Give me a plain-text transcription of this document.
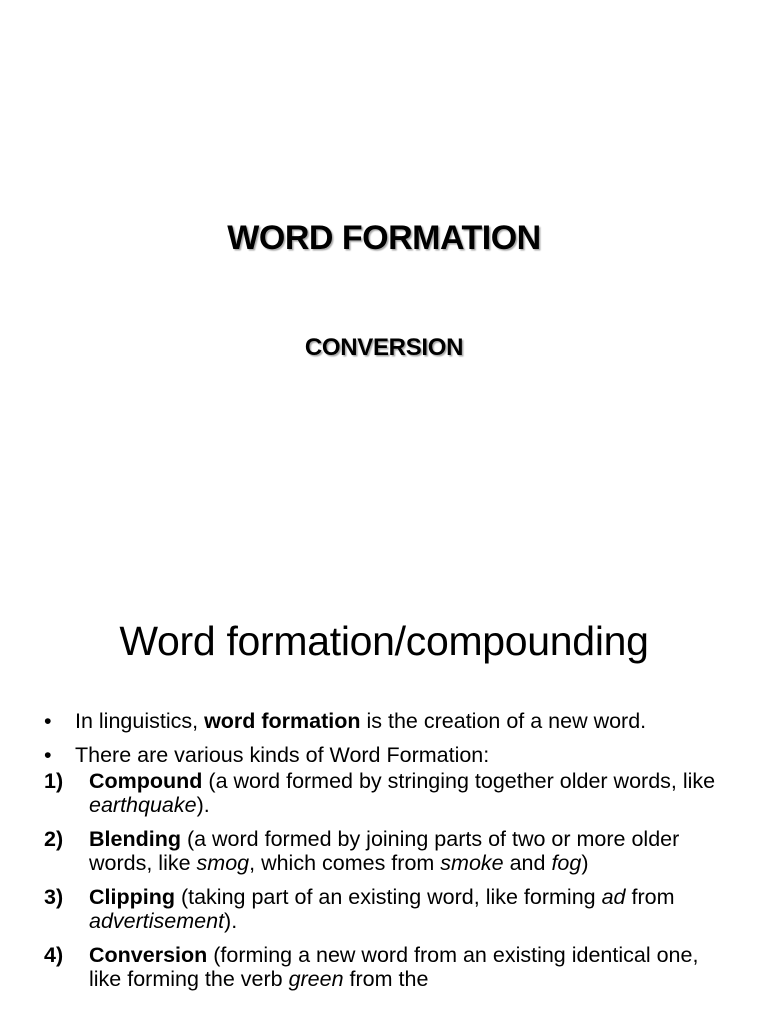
WORD FORMATION
CONVERSION
Word formation/compounding
• In linguistics, word formation is the creation of a new word.
• There are various kinds of Word Formation:
1) Compound (a word formed by stringing together older words, like earthquake).
2) Blending (a word formed by joining parts of two or more older words, like smog, which comes from smoke and fog)
3) Clipping (taking part of an existing word, like forming ad from advertisement).
4) Conversion (forming a new word from an existing identical one, like forming the verb green from the
